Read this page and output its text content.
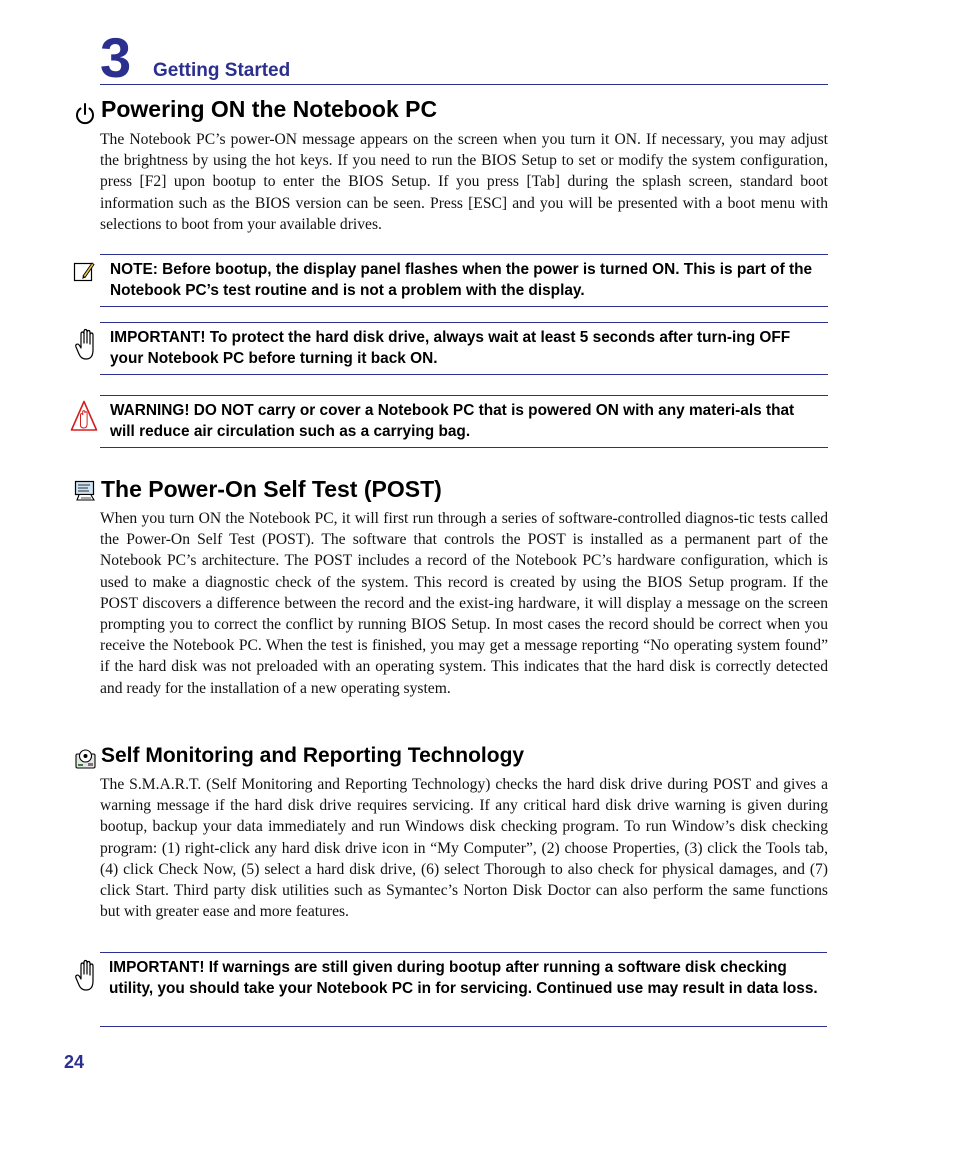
3 Getting Started
Powering ON the Notebook PC

The Notebook PC’s power-ON message appears on the screen when you turn it ON. If necessary, you may adjust the brightness by using the hot keys. If you need to run the BIOS Setup to set or modify the system configuration, press [F2] upon bootup to enter the BIOS Setup. If you press [Tab] during the splash screen, standard boot information such as the BIOS version can be seen. Press [ESC] and you will be presented with a boot menu with selections to boot from your available drives.

NOTE: Before bootup, the display panel flashes when the power is turned ON. This is part of the Notebook PC’s test routine and is not a problem with the display.

IMPORTANT! To protect the hard disk drive, always wait at least 5 seconds after turn-ing OFF your Notebook PC before turning it back ON.

WARNING! DO NOT carry or cover a Notebook PC that is powered ON with any materi-als that will reduce air circulation such as a carrying bag.

The Power-On Self Test (POST)

When you turn ON the Notebook PC, it will first run through a series of software-controlled diagnos-tic tests called the Power-On Self Test (POST). The software that controls the POST is installed as a permanent part of the Notebook PC’s architecture. The POST includes a record of the Notebook PC’s hardware configuration, which is used to make a diagnostic check of the system. This record is created by using the BIOS Setup program. If the POST discovers a difference between the record and the exist-ing hardware, it will display a message on the screen prompting you to correct the conflict by running BIOS Setup. In most cases the record should be correct when you receive the Notebook PC. When the test is finished, you may get a message reporting “No operating system found” if the hard disk was not preloaded with an operating system. This indicates that the hard disk is correctly detected and ready for the installation of a new operating system.

Self Monitoring and Reporting Technology

The S.M.A.R.T. (Self Monitoring and Reporting Technology) checks the hard disk drive during POST and gives a warning message if the hard disk drive requires servicing. If any critical hard disk drive warning is given during bootup, backup your data immediately and run Windows disk checking program. To run Window’s disk checking program: (1) right-click any hard disk drive icon in “My Computer”, (2) choose Properties, (3) click the Tools tab, (4) click Check Now, (5) select a hard disk drive, (6) select Thorough to also check for physical damages, and (7) click Start. Third party disk utilities such as Symantec’s Norton Disk Doctor can also perform the same functions but with greater ease and more features.

IMPORTANT! If warnings are still given during bootup after running a software disk checking utility, you should take your Notebook PC in for servicing. Continued use may result in data loss.

24
